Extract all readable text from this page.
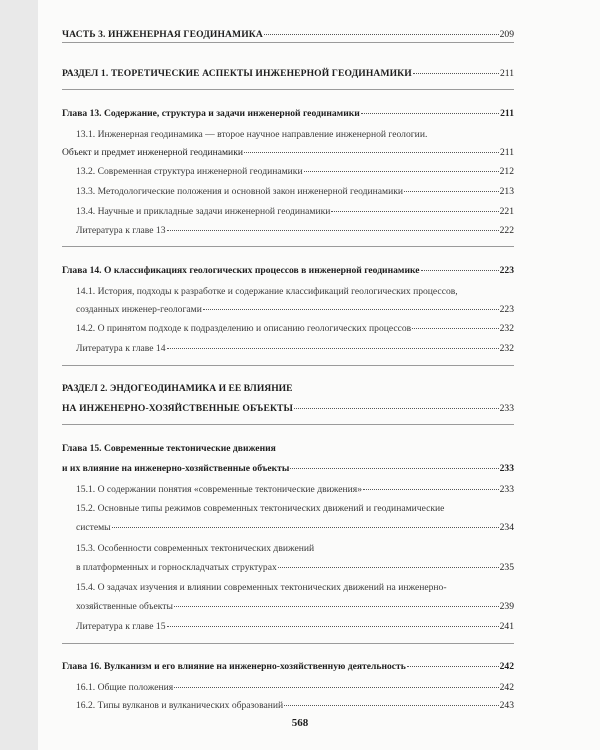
ЧАСТЬ 3. ИНЖЕНЕРНАЯ ГЕОДИНАМИКА	209
РАЗДЕЛ 1. ТЕОРЕТИЧЕСКИЕ АСПЕКТЫ ИНЖЕНЕРНОЙ ГЕОДИНАМИКИ	211
Глава 13. Содержание, структура и задачи инженерной геодинамики	211
13.1. Инженерная геодинамика — второе научное направление инженерной геологии.
Объект и предмет инженерной геодинамики	211
13.2. Современная структура инженерной геодинамики	212
13.3. Методологические положения и основной закон инженерной геодинамики	213
13.4. Научные и прикладные задачи инженерной геодинамики	221
Литература к главе 13	222
Глава 14. О классификациях геологических процессов в инженерной геодинамике	223
14.1. История, подходы к разработке и содержание классификаций геологических процессов,
созданных инженер-геологами	223
14.2. О принятом подходе к подразделению и описанию геологических процессов	232
Литература к главе 14	232
РАЗДЕЛ 2. ЭНДОГЕОДИНАМИКА И ЕЕ ВЛИЯНИЕ
НА ИНЖЕНЕРНО-ХОЗЯЙСТВЕННЫЕ ОБЪЕКТЫ	233
Глава 15. Современные тектонические движения
и их влияние на инженерно-хозяйственные объекты	233
15.1. О содержании понятия «современные тектонические движения»	233
15.2. Основные типы режимов современных тектонических движений и геодинамические
системы	234
15.3. Особенности современных тектонических движений
в платформенных и горноскладчатых структурах	235
15.4. О задачах изучения и влиянии современных тектонических движений на инженерно-
хозяйственные объекты	239
Литература к главе 15	241
Глава 16. Вулканизм и его влияние на инженерно-хозяйственную деятельность	242
16.1. Общие положения	242
16.2. Типы вулканов и вулканических образований	243
568
